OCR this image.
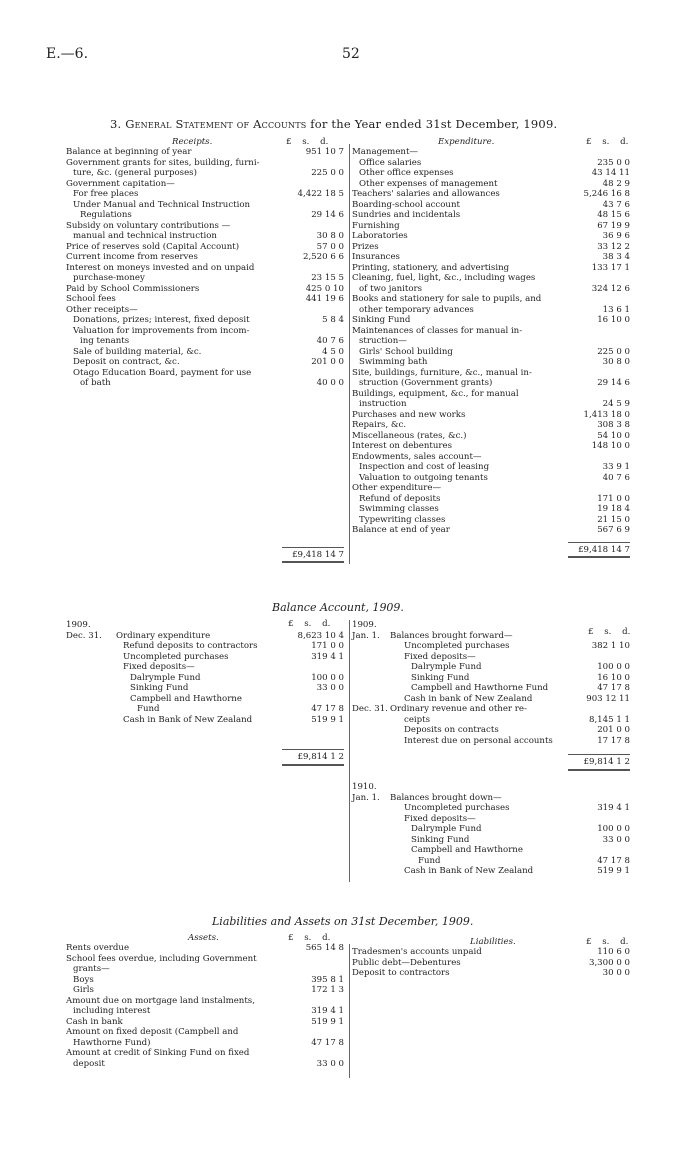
E.—6.	52
3. General Statement of Accounts for the Year ended 31st December, 1909.
Receipts.	£ s. d.
Balance at beginning of year	951 10 7
Government grants for sites, building, furni-	
ture, &c. (general purposes)	225 0 0
Government capitation—	
For free places	4,422 18 5
Under Manual and Technical Instruction	
Regulations	29 14 6
Subsidy on voluntary contributions —	
manual and technical instruction	30 8 0
Price of reserves sold (Capital Account)	57 0 0
Current income from reserves	2,520 6 6
Interest on moneys invested and on unpaid	
purchase-money	23 15 5
Paid by School Commissioners	425 0 10
School fees	441 19 6
Other receipts—	
Donations, prizes; interest, fixed deposit	5 8 4
Valuation for improvements from incom-	
ing tenants	40 7 6
Sale of building material, &c.	4 5 0
Deposit on contract, &c.	201 0 0
Otago Education Board, payment for use	
of bath	40 0 0

	£9,418 14 7
Expenditure.	£ s. d.
Management—	
Office salaries	235 0 0
Other office expenses	43 14 11
Other expenses of management	48 2 9
Teachers' salaries and allowances	5,246 16 8
Boarding-school account	43 7 6
Sundries and incidentals	48 15 6
Furnishing	67 19 9
Laboratories	36 9 6
Prizes	33 12 2
Insurances	38 3 4
Printing, stationery, and advertising	133 17 1
Cleaning, fuel, light, &c., including wages	
of two janitors	324 12 6
Books and stationery for sale to pupils, and	
other temporary advances	13 6 1
Sinking Fund	16 10 0
Maintenances of classes for manual in-	
struction—	
Girls' School building	225 0 0
Swimming bath	30 8 0
Site, buildings, furniture, &c., manual in-	
struction (Government grants)	29 14 6
Buildings, equipment, &c., for manual	
instruction	24 5 9
Purchases and new works	1,413 18 0
Repairs, &c.	308 3 8
Miscellaneous (rates, &c.)	54 10 0
Interest on debentures	148 10 0
Endowments, sales account—	
Inspection and cost of leasing	33 9 1
Valuation to outgoing tenants	40 7 6
Other expenditure—	
Refund of deposits	171 0 0
Swimming classes	19 18 4
Typewriting classes	21 15 0
Balance at end of year	567 6 9

	£9,418 14 7
Balance Account, 1909.
£ s. d.
£ s. d.
1909.		
Dec. 31.	Ordinary expenditure	8,623 10 4
	Refund deposits to contractors	171 0 0
	Uncompleted purchases	319 4 1
	Fixed deposits—	
	Dalrymple Fund	100 0 0
	Sinking Fund	33 0 0
	Campbell and Hawthorne	
	Fund	47 17 8
	Cash in Bank of New Zealand	519 9 1

		£9,814 1 2
1909.		
Jan. 1.	Balances brought forward—	
	Uncompleted purchases	382 1 10
	Fixed deposits—	
	Dalrymple Fund	100 0 0
	Sinking Fund	16 10 0
	Campbell and Hawthorne Fund	47 17 8
	Cash in bank of New Zealand	903 12 11
Dec. 31.	Ordinary revenue and other re-	
	ceipts	8,145 1 1
	Deposits on contracts	201 0 0
	Interest due on personal accounts	17 17 8

		£9,814 1 2
1910.		
Jan. 1.	Balances brought down—	
	Uncompleted purchases	319 4 1
	Fixed deposits—	
	Dalrymple Fund	100 0 0
	Sinking Fund	33 0 0
	Campbell and Hawthorne	
	Fund	47 17 8
	Cash in Bank of New Zealand	519 9 1
Liabilities and Assets on 31st December, 1909.
Assets.	£ s. d.	Liabilities.	£ s. d.
Rents overdue	565 14 8
School fees overdue, including Government	
grants—	
Boys	395 8 1
Girls	172 1 3
Amount due on mortgage land instalments,	
including interest	319 4 1
Cash in bank	519 9 1
Amount on fixed deposit (Campbell and	
Hawthorne Fund)	47 17 8
Amount at credit of Sinking Fund on fixed	
deposit	33 0 0
Tradesmen's accounts unpaid	110 6 0
Public debt—Debentures	3,300 0 0
Deposit to contractors	30 0 0
